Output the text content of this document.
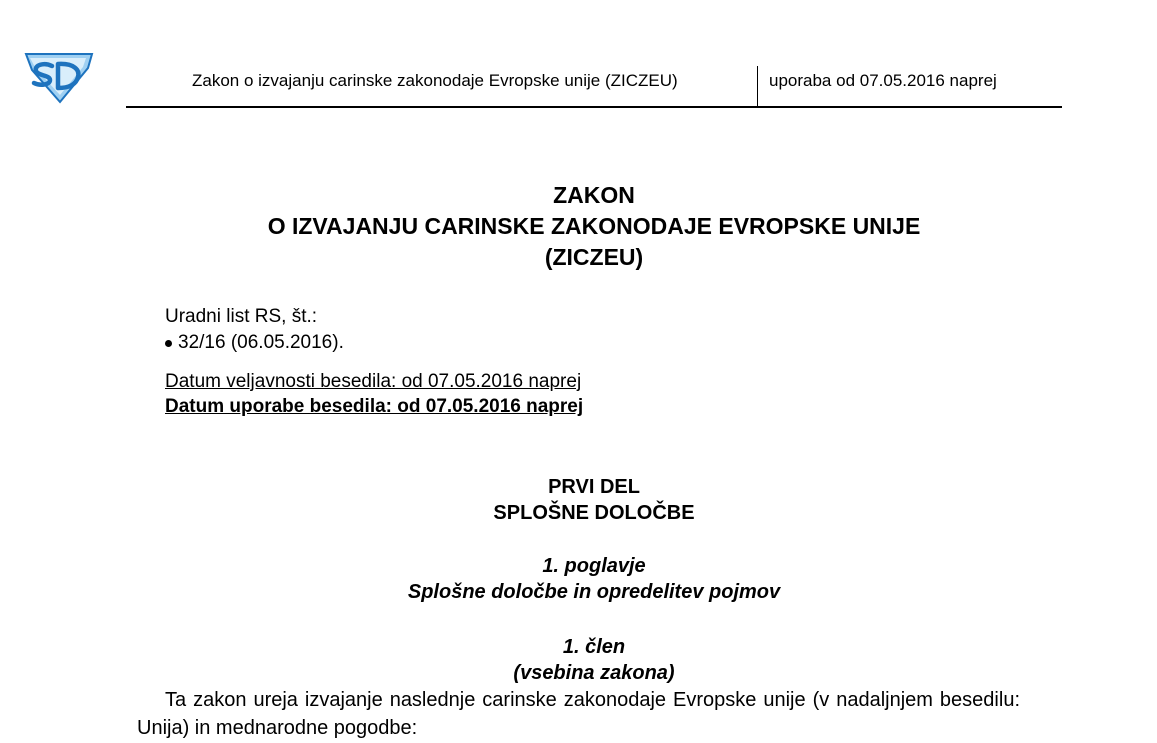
Zakon o izvajanju carinske zakonodaje Evropske unije (ZICZEU)	uporaba od 07.05.2016 naprej
ZAKON
O IZVAJANJU CARINSKE ZAKONODAJE EVROPSKE UNIJE
(ZICZEU)
Uradni list RS, št.:
32/16 (06.05.2016).
Datum veljavnosti besedila: od 07.05.2016 naprej
Datum uporabe besedila: od 07.05.2016 naprej
PRVI DEL
SPLOŠNE DOLOČBE
1. poglavje
Splošne določbe in opredelitev pojmov
1. člen
(vsebina zakona)
Ta zakon ureja izvajanje naslednje carinske zakonodaje Evropske unije (v nadaljnjem besedilu: Unija) in mednarodne pogodbe:
